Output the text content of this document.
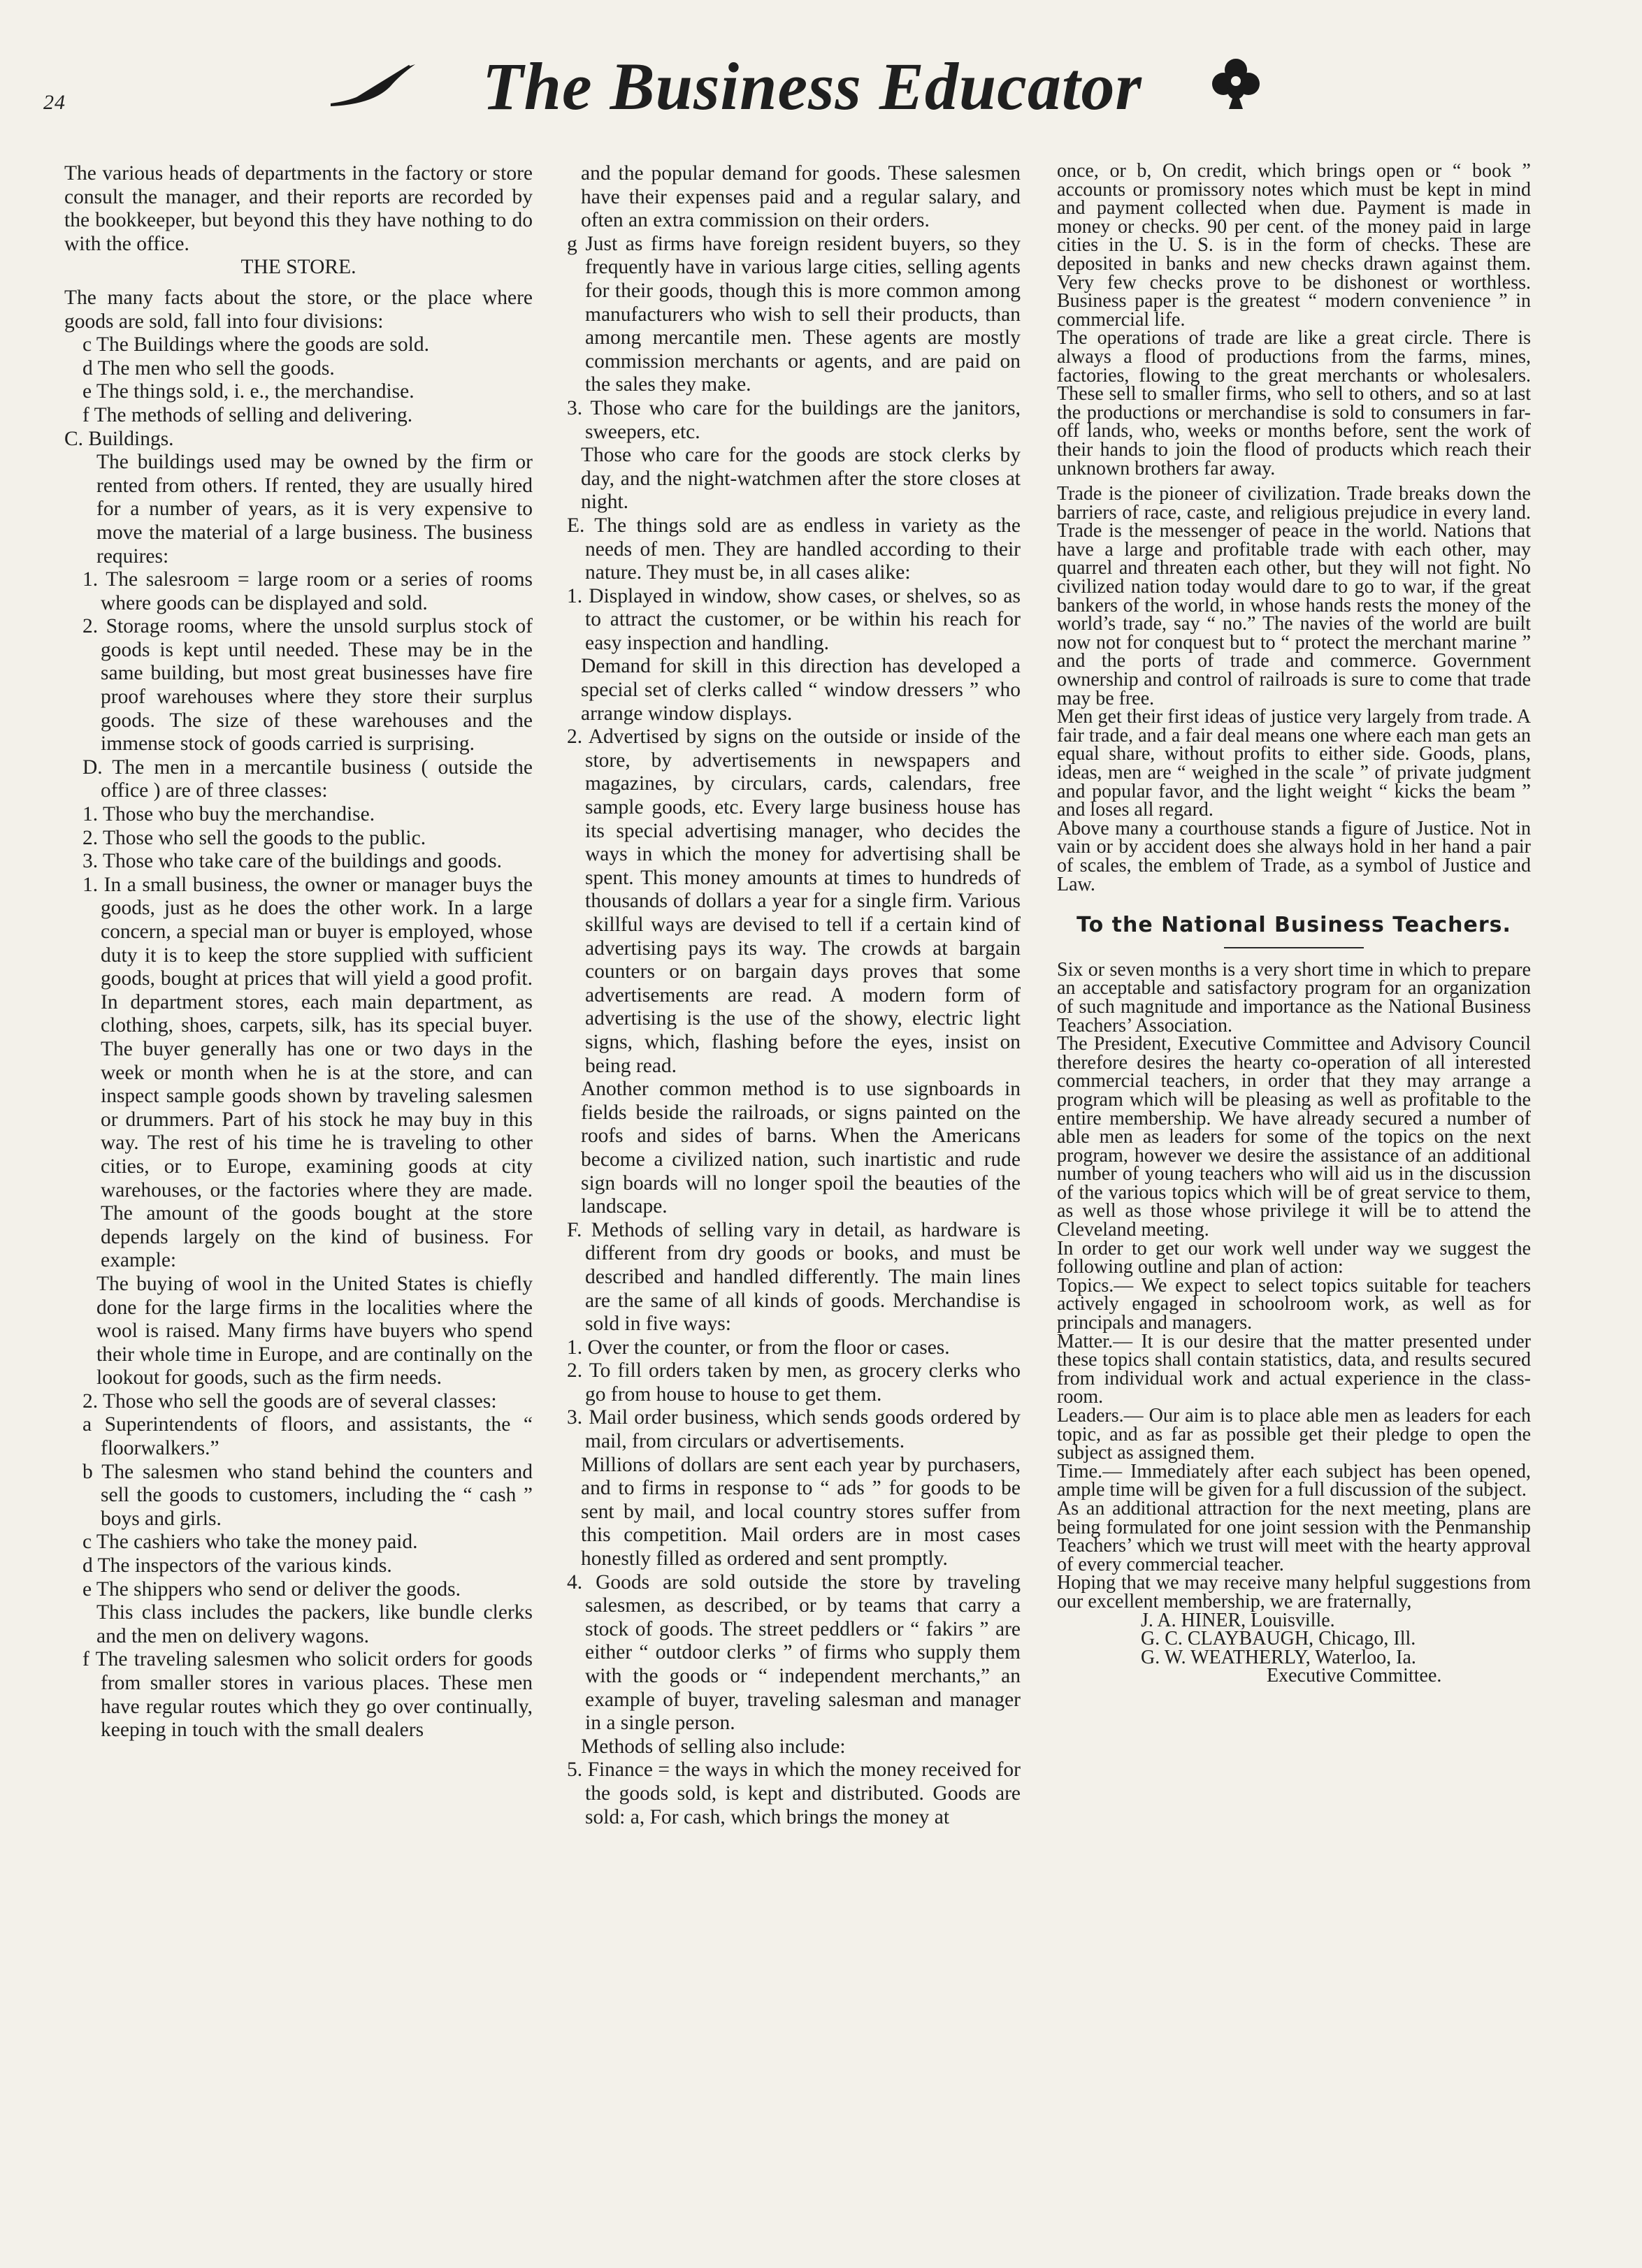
24	The Business Educator

The various heads of departments in the factory or store consult the manager, and their reports are recorded by the bookkeeper, but beyond this they have nothing to do with the office.

THE STORE.

The many facts about the store, or the place where goods are sold, fall into four divisions:

c The Buildings where the goods are sold.

d The men who sell the goods.

e The things sold, i. e., the merchandise.

f The methods of selling and delivering.

C. Buildings.

The buildings used may be owned by the firm or rented from others. If rented, they are usually hired for a number of years, as it is very expensive to move the material of a large business. The business requires:

1. The salesroom = large room or a series of rooms where goods can be displayed and sold.

2. Storage rooms, where the unsold surplus stock of goods is kept until needed. These may be in the same building, but most great businesses have fire proof warehouses where they store their surplus goods. The size of these warehouses and the immense stock of goods carried is surprising.

D. The men in a mercantile business ( outside the office ) are of three classes:

1. Those who buy the merchandise.

2. Those who sell the goods to the public.

3. Those who take care of the buildings and goods.

1. In a small business, the owner or manager buys the goods, just as he does the other work. In a large concern, a special man or buyer is employed, whose duty it is to keep the store supplied with sufficient goods, bought at prices that will yield a good profit. In department stores, each main department, as clothing, shoes, carpets, silk, has its special buyer. The buyer generally has one or two days in the week or month when he is at the store, and can inspect sample goods shown by traveling salesmen or drummers. Part of his stock he may buy in this way. The rest of his time he is traveling to other cities, or to Europe, examining goods at city warehouses, or the factories where they are made. The amount of the goods bought at the store depends largely on the kind of business. For example:

The buying of wool in the United States is chiefly done for the large firms in the localities where the wool is raised. Many firms have buyers who spend their whole time in Europe, and are continally on the lookout for goods, such as the firm needs.

2. Those who sell the goods are of several classes:

a Superintendents of floors, and assistants, the “ floorwalkers.”

b The salesmen who stand behind the counters and sell the goods to customers, including the “ cash ” boys and girls.

c The cashiers who take the money paid.

d The inspectors of the various kinds.

e The shippers who send or deliver the goods.

This class includes the packers, like bundle clerks and the men on delivery wagons.

f The traveling salesmen who solicit orders for goods from smaller stores in various places. These men have regular routes which they go over continually, keeping in touch with the small dealers

and the popular demand for goods. These salesmen have their expenses paid and a regular salary, and often an extra commission on their orders.

g Just as firms have foreign resident buyers, so they frequently have in various large cities, selling agents for their goods, though this is more common among manufacturers who wish to sell their products, than among mercantile men. These agents are mostly commission merchants or agents, and are paid on the sales they make.

3. Those who care for the buildings are the janitors, sweepers, etc.

Those who care for the goods are stock clerks by day, and the night-watchmen after the store closes at night.

E. The things sold are as endless in variety as the needs of men. They are handled according to their nature. They must be, in all cases alike:

1. Displayed in window, show cases, or shelves, so as to attract the customer, or be within his reach for easy inspection and handling.

Demand for skill in this direction has developed a special set of clerks called “ window dressers ” who arrange window displays.

2. Advertised by signs on the outside or inside of the store, by advertisements in newspapers and magazines, by circulars, cards, calendars, free sample goods, etc. Every large business house has its special advertising manager, who decides the ways in which the money for advertising shall be spent. This money amounts at times to hundreds of thousands of dollars a year for a single firm. Various skillful ways are devised to tell if a certain kind of advertising pays its way. The crowds at bargain counters or on bargain days proves that some advertisements are read. A modern form of advertising is the use of the showy, electric light signs, which, flashing before the eyes, insist on being read.

Another common method is to use signboards in fields beside the railroads, or signs painted on the roofs and sides of barns. When the Americans become a civilized nation, such inartistic and rude sign boards will no longer spoil the beauties of the landscape.

F. Methods of selling vary in detail, as hardware is different from dry goods or books, and must be described and handled differently. The main lines are the same of all kinds of goods. Merchandise is sold in five ways:

1. Over the counter, or from the floor or cases.

2. To fill orders taken by men, as grocery clerks who go from house to house to get them.

3. Mail order business, which sends goods ordered by mail, from circulars or advertisements.

Millions of dollars are sent each year by purchasers, and to firms in response to “ ads ” for goods to be sent by mail, and local country stores suffer from this competition. Mail orders are in most cases honestly filled as ordered and sent promptly.

4. Goods are sold outside the store by traveling salesmen, as described, or by teams that carry a stock of goods. The street peddlers or “ fakirs ” are either “ outdoor clerks ” of firms who supply them with the goods or “ independent merchants,” an example of buyer, traveling salesman and manager in a single person.

Methods of selling also include:

5. Finance = the ways in which the money received for the goods sold, is kept and distributed. Goods are sold: a, For cash, which brings the money at

once, or b, On credit, which brings open or “ book ” accounts or promissory notes which must be kept in mind and payment collected when due. Payment is made in money or checks. 90 per cent. of the money paid in large cities in the U. S. is in the form of checks. These are deposited in banks and new checks drawn against them. Very few checks prove to be dishonest or worthless. Business paper is the greatest “ modern convenience ” in commercial life.

The operations of trade are like a great circle. There is always a flood of productions from the farms, mines, factories, flowing to the great merchants or wholesalers. These sell to smaller firms, who sell to others, and so at last the productions or merchandise is sold to consumers in far-off lands, who, weeks or months before, sent the work of their hands to join the flood of products which reach their unknown brothers far away.

Trade is the pioneer of civilization. Trade breaks down the barriers of race, caste, and religious prejudice in every land. Trade is the messenger of peace in the world. Nations that have a large and profitable trade with each other, may quarrel and threaten each other, but they will not fight. No civilized nation today would dare to go to war, if the great bankers of the world, in whose hands rests the money of the world’s trade, say “ no.” The navies of the world are built now not for conquest but to “ protect the merchant marine ” and the ports of trade and commerce. Government ownership and control of railroads is sure to come that trade may be free.

Men get their first ideas of justice very largely from trade. A fair trade, and a fair deal means one where each man gets an equal share, without profits to either side. Goods, plans, ideas, men are “ weighed in the scale ” of private judgment and popular favor, and the light weight “ kicks the beam ” and loses all regard.

Above many a courthouse stands a figure of Justice. Not in vain or by accident does she always hold in her hand a pair of scales, the emblem of Trade, as a symbol of Justice and Law.

To the National Business Teachers.

Six or seven months is a very short time in which to prepare an acceptable and satisfactory program for an organization of such magnitude and importance as the National Business Teachers’ Association.

The President, Executive Committee and Advisory Council therefore desires the hearty co-operation of all interested commercial teachers, in order that they may arrange a program which will be pleasing as well as profitable to the entire membership. We have already secured a number of able men as leaders for some of the topics on the next program, however we desire the assistance of an additional number of young teachers who will aid us in the discussion of the various topics which will be of great service to them, as well as those whose privilege it will be to attend the Cleveland meeting.

In order to get our work well under way we suggest the following outline and plan of action:

Topics.— We expect to select topics suitable for teachers actively engaged in schoolroom work, as well as for principals and managers.

Matter.— It is our desire that the matter presented under these topics shall contain statistics, data, and results secured from individual work and actual experience in the class-room.

Leaders.— Our aim is to place able men as leaders for each topic, and as far as possible get their pledge to open the subject as assigned them.

Time.— Immediately after each subject has been opened, ample time will be given for a full discussion of the subject.

As an additional attraction for the next meeting, plans are being formulated for one joint session with the Penmanship Teachers’ which we trust will meet with the hearty approval of every commercial teacher.

Hoping that we may receive many helpful suggestions from our excellent membership, we are fraternally,

J. A. HINER, Louisville.

G. C. CLAYBAUGH, Chicago, Ill.

G. W. WEATHERLY, Waterloo, Ia.

Executive Committee.
